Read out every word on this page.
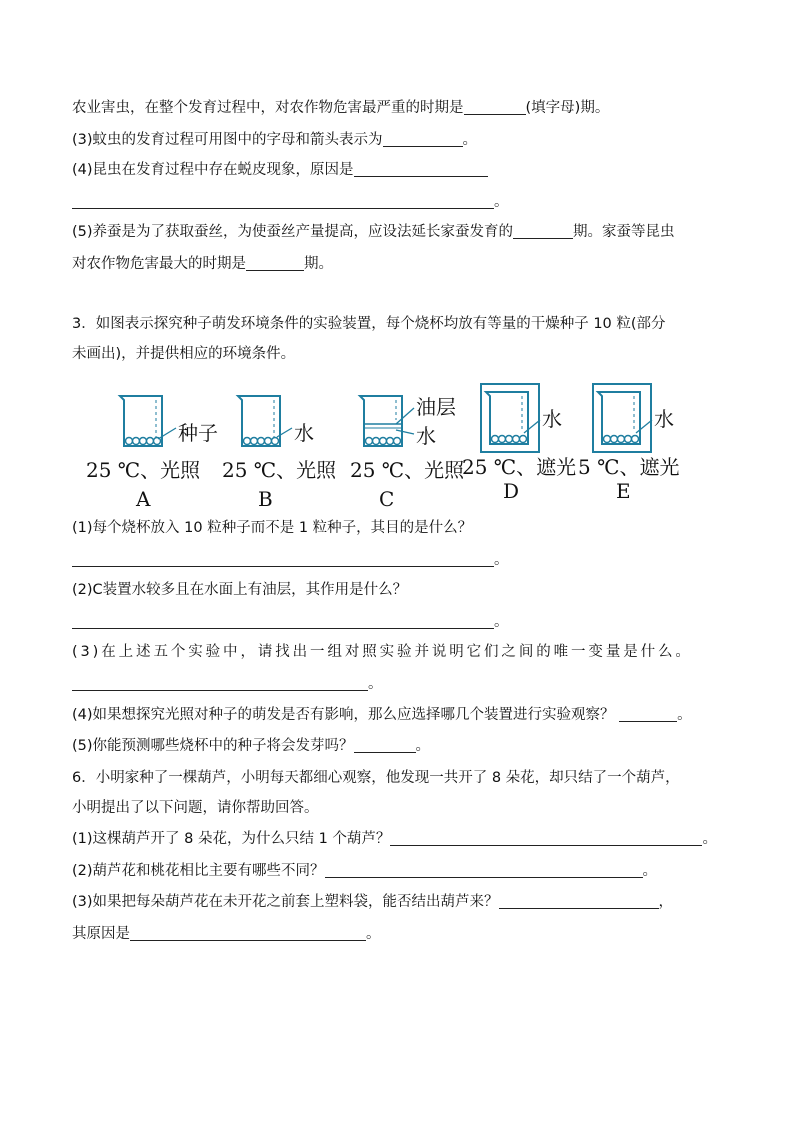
农业害虫，在整个发育过程中，对农作物危害最严重的时期是	(填字母)期。
(3)蚊虫的发育过程可用图中的字母和箭头表示为	。
(4)昆虫在发育过程中存在蜕皮现象，原因是
。
(5)养蚕是为了获取蚕丝，为使蚕丝产量提高，应设法延长家蚕发育的	期。家蚕等昆虫
对农作物危害最大的时期是	期。
3．如图表示探究种子萌发环境条件的实验装置，每个烧杯均放有等量的干燥种子 10 粒(部分
未画出)，并提供相应的环境条件。
种子
25 ℃、光照
A
水
25 ℃、光照
B
油层
水
25 ℃、光照
C
水
25 ℃、遮光
D
水
5 ℃、遮光
E
(1)每个烧杯放入 10 粒种子而不是 1 粒种子，其目的是什么？
。
(2)C装置水较多且在水面上有油层，其作用是什么？
。
(3)在上述五个实验中，请找出一组对照实验并说明它们之间的唯一变量是什么。
。
(4)如果想探究光照对种子的萌发是否有影响，那么应选择哪几个装置进行实验观察？	。
(5)你能预测哪些烧杯中的种子将会发芽吗？	。
6．小明家种了一棵葫芦，小明每天都细心观察，他发现一共开了 8 朵花，却只结了一个葫芦，
小明提出了以下问题，请你帮助回答。
(1)这棵葫芦开了 8 朵花，为什么只结 1 个葫芦？	。
(2)葫芦花和桃花相比主要有哪些不同？	。
(3)如果把每朵葫芦花在未开花之前套上塑料袋，能否结出葫芦来？	，
其原因是	。
